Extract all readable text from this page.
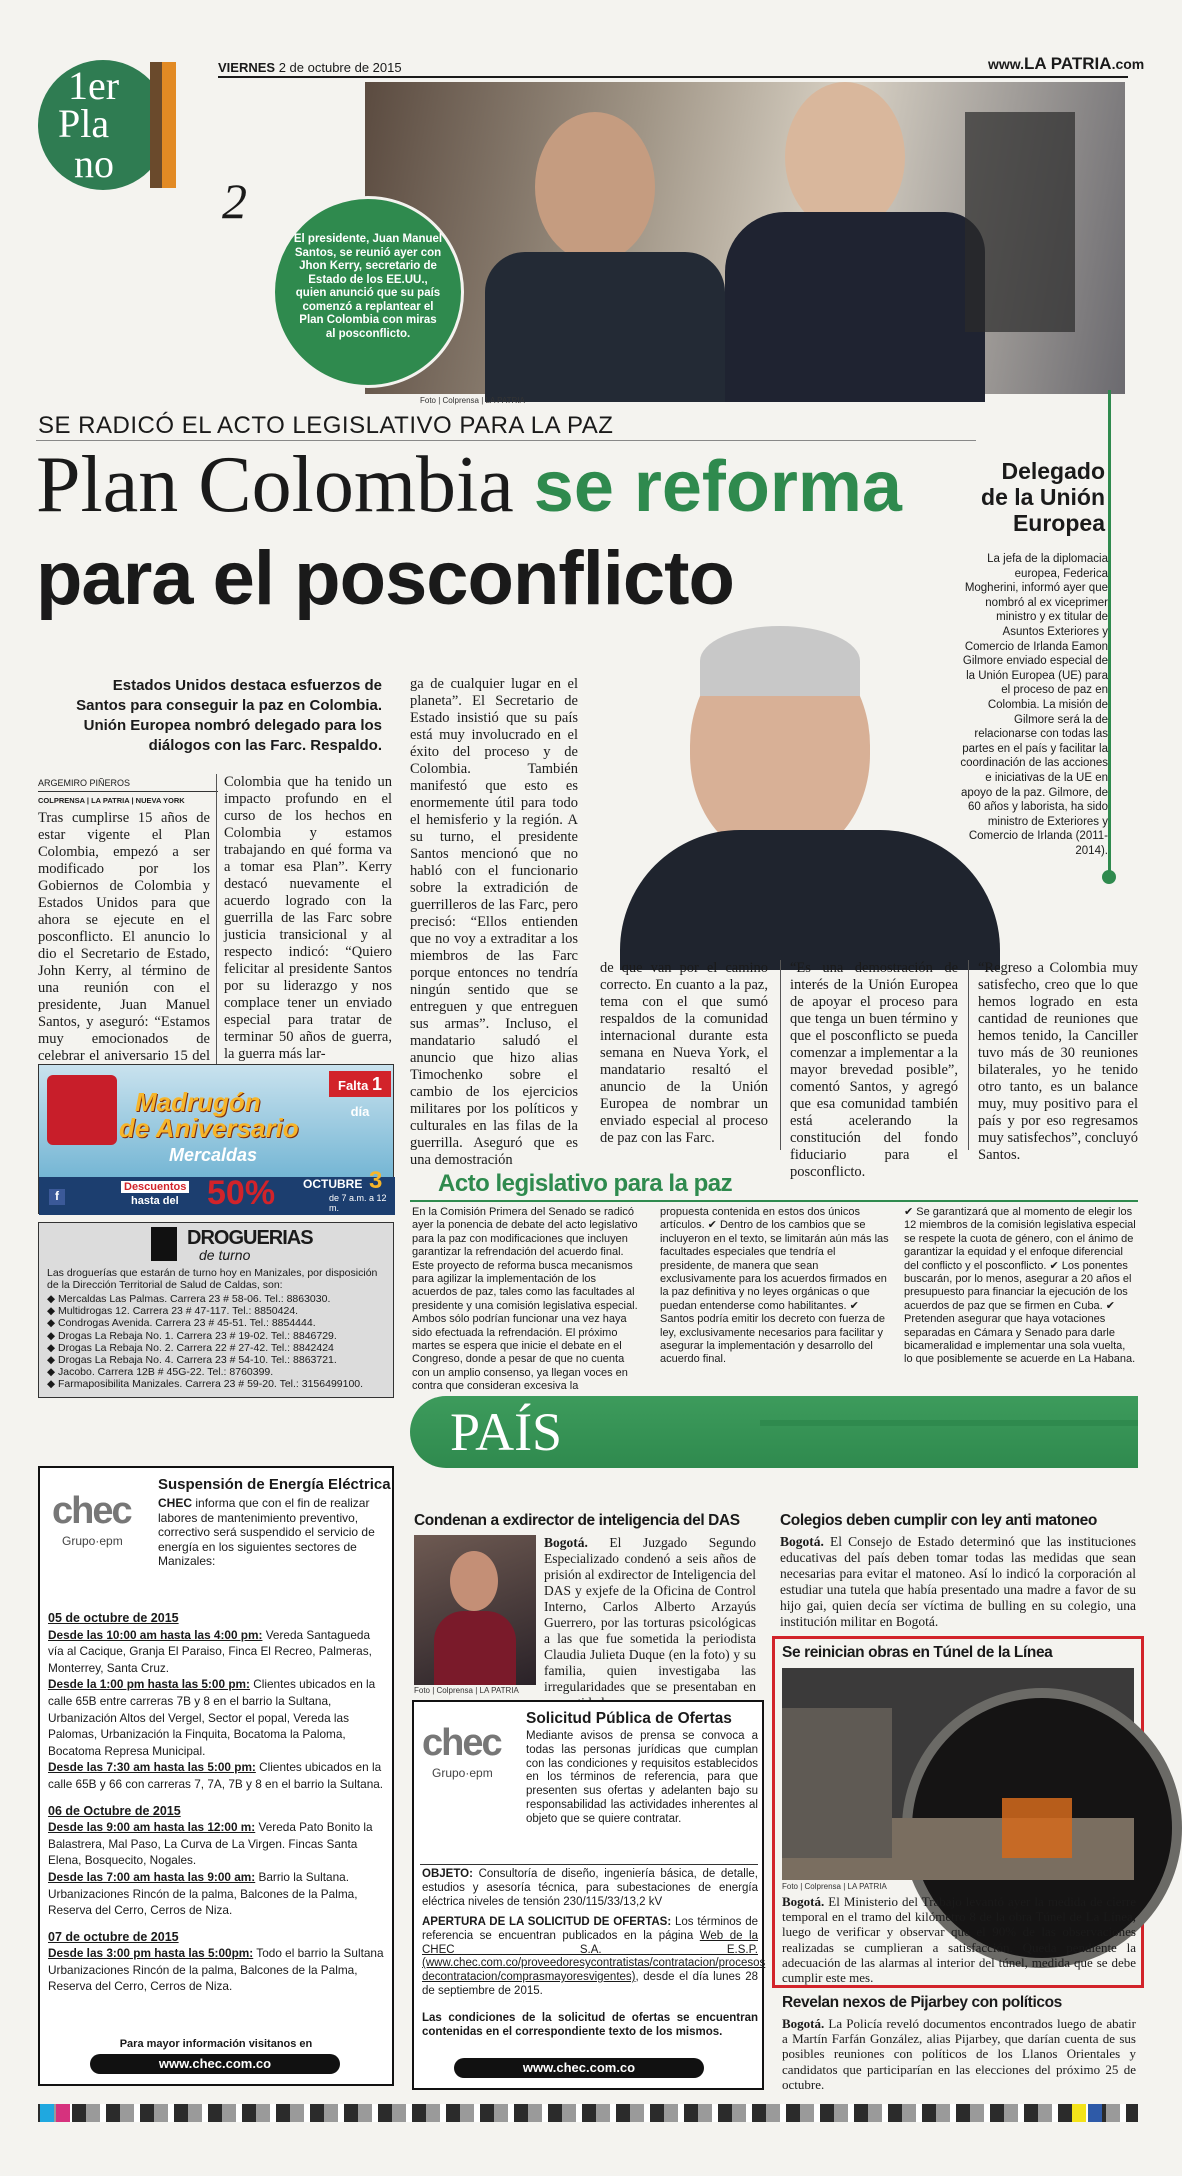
1er
Pla
no
2
VIERNES 2 de octubre de 2015	www.LA PATRIA.com
El presidente, Juan Manuel Santos, se reunió ayer con Jhon Kerry, secretario de Estado de los EE.UU., quien anunció que su país comenzó a replantear el Plan Colombia con miras al posconflicto.
Foto | Colprensa | LA PATRIA
SE RADICÓ EL ACTO LEGISLATIVO PARA LA PAZ
Plan Colombia se reforma
para el posconflicto
Delegado de la Unión Europea
La jefa de la diplomacia europea, Federica Mogherini, informó ayer que nombró al ex viceprimer ministro y ex titular de Asuntos Exteriores y Comercio de Irlanda Eamon Gilmore enviado especial de la Unión Europea (UE) para el proceso de paz en Colombia. La misión de Gilmore será la de relacionarse con todas las partes en el país y facilitar la coordinación de las acciones e iniciativas de la UE en apoyo de la paz. Gilmore, de 60 años y laborista, ha sido ministro de Exteriores y Comercio de Irlanda (2011-2014).
Estados Unidos destaca esfuerzos de Santos para conseguir la paz en Colombia. Unión Europea nombró delegado para los diálogos con las Farc. Respaldo.
ARGEMIRO PIÑEROS
COLPRENSA | LA PATRIA | NUEVA YORK
Tras cumplirse 15 años de estar vigente el Plan Colombia, empezó a ser modificado por los Gobiernos de Colombia y Estados Unidos para que ahora se ejecute en el posconflicto. El anuncio lo dio el Secretario de Estado, John Kerry, al término de una reunión con el presidente, Juan Manuel Santos, y aseguró: “Estamos muy emocionados de celebrar el aniversario 15 del
Colombia que ha tenido un impacto profundo en el curso de los hechos en Colombia y estamos trabajando en qué forma va a tomar esa Plan”. Kerry destacó nuevamente el acuerdo logrado con la guerrilla de las Farc sobre justicia transicional y al respecto indicó: “Quiero felicitar al presidente Santos por su liderazgo y nos complace tener un enviado especial para tratar de terminar 50 años de guerra, la guerra más lar-
ga de cualquier lugar en el planeta”. El Secretario de Estado insistió que su país está muy involucrado en el éxito del proceso y de Colombia. También manifestó que esto es enormemente útil para todo el hemisferio y la región. A su turno, el presidente Santos mencionó que no habló con el funcionario sobre la extradición de guerrilleros de las Farc, pero precisó: “Ellos entienden que no voy a extraditar a los miembros de las Farc porque entonces no tendría ningún sentido que se entreguen y que entreguen sus armas”. Incluso, el mandatario saludó el anuncio que hizo alias Timochenko sobre el cambio de los ejercicios militares por los políticos y culturales en las filas de la guerrilla. Aseguró que es una demostración
de que van por el camino correcto. En cuanto a la paz, tema con el que sumó respaldos de la comunidad internacional durante esta semana en Nueva York, el mandatario resaltó el anuncio de la Unión Europea de nombrar un enviado especial al proceso de paz con las Farc.
“Es una demostración de interés de la Unión Europea de apoyar el proceso para que tenga un buen término y que el posconflicto se pueda comenzar a implementar a la mayor brevedad posible”, comentó Santos, y agregó que esa comunidad también está acelerando la constitución del fondo fiduciario para el posconflicto.
“Regreso a Colombia muy satisfecho, creo que lo que hemos logrado en esta cantidad de reuniones que hemos tenido, la Canciller tuvo más de 30 reuniones bilaterales, yo he tenido otro tanto, es un balance muy, muy positivo para el país y por eso regresamos muy satisfechos”, concluyó Santos.
Falta 1 día
Madrugón
de Aniversario
Mercaldas
Descuentos
hasta del 50% OCTUBRE 3
de 7 a.m. a 12 m.
f
DROGUERIAS
de turno
Las droguerías que estarán de turno hoy en Manizales, por disposición de la Dirección Territorial de Salud de Caldas, son:
◆ Mercaldas Las Palmas. Carrera 23 # 58-06. Tel.: 8863030.
◆ Multidrogas 12. Carrera 23 # 47-117. Tel.: 8850424.
◆ Condrogas Avenida. Carrera 23 # 45-51. Tel.: 8854444.
◆ Drogas La Rebaja No. 1. Carrera 23 # 19-02. Tel.: 8846729.
◆ Drogas La Rebaja No. 2. Carrera 22 # 27-42. Tel.: 8842424
◆ Drogas La Rebaja No. 4. Carrera 23 # 54-10. Tel.: 8863721.
◆ Jacobo. Carrera 12B # 45G-22. Tel.: 8760399.
◆ Farmaposibilita Manizales. Carrera 23 # 59-20. Tel.: 3156499100.
Acto legislativo para la paz
En la Comisión Primera del Senado se radicó ayer la ponencia de debate del acto legislativo para la paz con modificaciones que incluyen garantizar la refrendación del acuerdo final. Este proyecto de reforma busca mecanismos para agilizar la implementación de los acuerdos de paz, tales como las facultades al presidente y una comisión legislativa especial. Ambos sólo podrían funcionar una vez haya sido efectuada la refrendación. El próximo martes se espera que inicie el debate en el Congreso, donde a pesar de que no cuenta con un amplio consenso, ya llegan voces en contra que consideran excesiva la
propuesta contenida en estos dos únicos artículos. ✔ Dentro de los cambios que se incluyeron en el texto, se limitarán aún más las facultades especiales que tendría el presidente, de manera que sean exclusivamente para los acuerdos firmados en la paz definitiva y no leyes orgánicas o que puedan entenderse como habilitantes. ✔ Santos podría emitir los decreto con fuerza de ley, exclusivamente necesarios para facilitar y asegurar la implementación y desarrollo del acuerdo final.
✔ Se garantizará que al momento de elegir los 12 miembros de la comisión legislativa especial se respete la cuota de género, con el ánimo de garantizar la equidad y el enfoque diferencial del conflicto y el posconflicto. ✔ Los ponentes buscarán, por lo menos, asegurar a 20 años el presupuesto para financiar la ejecución de los acuerdos de paz que se firmen en Cuba. ✔ Pretenden asegurar que haya votaciones separadas en Cámara y Senado para darle bicameralidad e implementar una sola vuelta, lo que posiblemente se acuerde en La Habana.
chec
Grupo·epm
Suspensión de Energía Eléctrica
CHEC informa que con el fin de realizar labores de mantenimiento preventivo, correctivo será suspendido el servicio de energía en los siguientes sectores de Manizales:
05 de octubre de 2015
Desde las 10:00 am hasta las 4:00 pm: Vereda Santagueda vía al Cacique, Granja El Paraiso, Finca El Recreo, Palmeras, Monterrey, Santa Cruz.
Desde la 1:00 pm hasta las 5:00 pm: Clientes ubicados en la calle 65B entre carreras 7B y 8 en el barrio la Sultana, Urbanización Altos del Vergel, Sector el popal, Vereda las Palomas, Urbanización la Finquita, Bocatoma la Paloma, Bocatoma Represa Municipal.
Desde las 7:30 am hasta las 5:00 pm: Clientes ubicados en la calle 65B y 66 con carreras 7, 7A, 7B y 8 en el barrio la Sultana.
06 de Octubre de 2015
Desde las 9:00 am hasta las 12:00 m: Vereda Pato Bonito la Balastrera, Mal Paso, La Curva de La Virgen. Fincas Santa Elena, Bosquecito, Nogales.
Desde las 7:00 am hasta las 9:00 am: Barrio la Sultana. Urbanizaciones Rincón de la palma, Balcones de la Palma, Reserva del Cerro, Cerros de Niza.
07 de octubre de 2015
Desde las 3:00 pm hasta las 5:00pm: Todo el barrio la Sultana Urbanizaciones Rincón de la palma, Balcones de la Palma, Reserva del Cerro, Cerros de Niza.
Para mayor información visitanos en
www.chec.com.co
PAÍS
Condenan a exdirector de inteligencia del DAS
Foto | Colprensa | LA PATRIA
Bogotá. El Juzgado Segundo Especializado condenó a seis años de prisión al exdirector de Inteligencia del DAS y exjefe de la Oficina de Control Interno, Carlos Alberto Arzayús Guerrero, por las torturas psicológicas a las que fue sometida la periodista Claudia Julieta Duque (en la foto) y su familia, quien investigaba las irregularidades que se presentaban en
Colegios deben cumplir con ley anti matoneo
Bogotá. El Consejo de Estado determinó que las instituciones educativas del país deben tomar todas las medidas que sean necesarias para evitar el matoneo. Así lo indicó la corporación al estudiar una tutela que había presentado una madre a favor de su hijo gai, quien decía ser víctima de bulling en su colegio, una institución militar en Bogotá.
Se reinician obras en Túnel de la Línea
Foto | Colprensa | LA PATRIA
Bogotá. El Ministerio del Trabajo levantó ayer la medida de cierre temporal en el tramo del kilómetro 8 de la obra Túnel de La Línea, luego de verificar y observar que el 90% de las observaciones realizadas se cumplieran a satisfacción. Queda pendiente la adecuación de las alarmas al interior del túnel, medida que se debe cumplir este mes.
Revelan nexos de Pijarbey con políticos
Bogotá. La Policía reveló documentos encontrados luego de abatir a Martín Farfán González, alias Pijarbey, que darían cuenta de sus posibles reuniones con políticos de los Llanos Orientales y candidatos que participarían en las elecciones del próximo 25 de octubre.
chec
Grupo·epm
Solicitud Pública de Ofertas
Mediante avisos de prensa se convoca a todas las personas jurídicas que cumplan con las condiciones y requisitos establecidos en los términos de referencia, para que presenten sus ofertas y adelanten bajo su responsabilidad las actividades inherentes al objeto que se quiere contratar.
OBJETO: Consultoría de diseño, ingeniería básica, de detalle, estudios y asesoría técnica, para subestaciones de energía eléctrica niveles de tensión 230/115/33/13,2 kV
APERTURA DE LA SOLICITUD DE OFERTAS: Los términos de referencia se encuentran publicados en la página Web de la CHEC S.A. E.S.P. (www.chec.com.co/proveedoresycontratistas/contratacion/procesos decontratacion/comprasmayoresvigentes), desde el día lunes 28 de septiembre de 2015.
Las condiciones de la solicitud de ofertas se encuentran contenidas en el correspondiente texto de los mismos.
www.chec.com.co
